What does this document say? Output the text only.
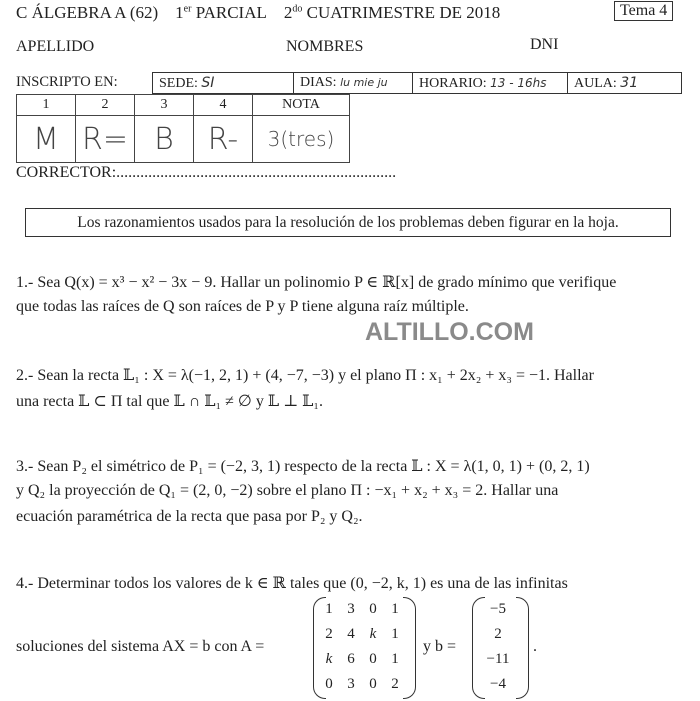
C ÁLGEBRA A (62) 1er PARCIAL $2^{do}$ CUATRIMESTRE DE 2018	Tema 4
APELLIDO	NOMBRES	DNI
INSCRIPTO EN:	SEDE: SI	DIAS: lu mie ju	HORARIO: 13 - 16hs	AULA: 31
1	2	3	4	NOTA
M	R=	B	R-	3(tres)
CORRECTOR:......................................................................
Los razonamientos usados para la resolución de los problemas deben figurar en la hoja.
ALTILLO.COM
1.- Sea Q(x) = x³ − x² − 3x − 9. Hallar un polinomio P ∈ ℝ[x] de grado mínimo que verifique
que todas las raíces de Q son raíces de P y P tiene alguna raíz múltiple.
2.- Sean la recta 𝕃₁ : X = λ(−1, 2, 1) + (4, −7, −3) y el plano Π : x₁ + 2x₂ + x₃ = −1. Hallar
una recta 𝕃 ⊂ Π tal que 𝕃 ∩ 𝕃₁ ≠ ∅ y 𝕃 ⊥ 𝕃₁.
3.- Sean P₂ el simétrico de P₁ = (−2, 3, 1) respecto de la recta 𝕃 : X = λ(1, 0, 1) + (0, 2, 1)
y Q₂ la proyección de Q₁ = (2, 0, −2) sobre el plano Π : −x₁ + x₂ + x₃ = 2. Hallar una
ecuación paramétrica de la recta que pasa por P₂ y Q₂.
4.- Determinar todos los valores de k ∈ ℝ tales que (0, −2, k, 1) es una de las infinitas
soluciones del sistema AX = b con A =
1 3 0 1
2 4 k 1
k 6 0 1
0 3 0 2
y b =
−5
2
−11
−4
.
